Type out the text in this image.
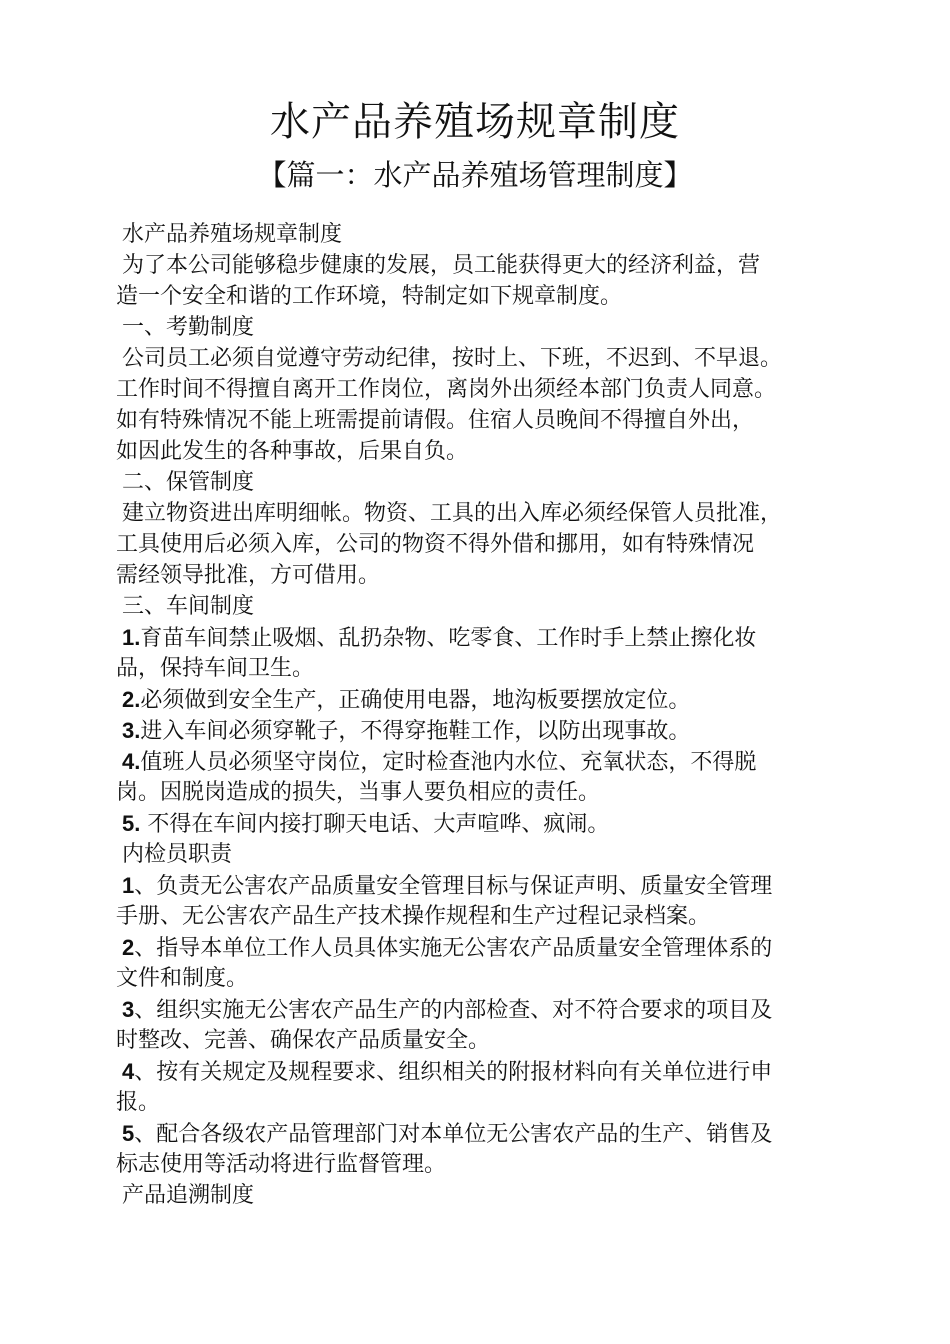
水产品养殖场规章制度
【篇一：水产品养殖场管理制度】
水产品养殖场规章制度
为了本公司能够稳步健康的发展，员工能获得更大的经济利益，营
造一个安全和谐的工作环境，特制定如下规章制度。
一、考勤制度
公司员工必须自觉遵守劳动纪律，按时上、下班，不迟到、不早退。
工作时间不得擅自离开工作岗位，离岗外出须经本部门负责人同意。
如有特殊情况不能上班需提前请假。住宿人员晚间不得擅自外出，
如因此发生的各种事故，后果自负。
二、保管制度
建立物资进出库明细帐。物资、工具的出入库必须经保管人员批准，
工具使用后必须入库，公司的物资不得外借和挪用，如有特殊情况
需经领导批准，方可借用。
三、车间制度
1.育苗车间禁止吸烟、乱扔杂物、吃零食、工作时手上禁止擦化妆
品，保持车间卫生。
2.必须做到安全生产，正确使用电器，地沟板要摆放定位。
3.进入车间必须穿靴子，不得穿拖鞋工作，以防出现事故。
4.值班人员必须坚守岗位，定时检查池内水位、充氧状态，不得脱
岗。因脱岗造成的损失，当事人要负相应的责任。
5. 不得在车间内接打聊天电话、大声喧哗、疯闹。
内检员职责
1、负责无公害农产品质量安全管理目标与保证声明、质量安全管理
手册、无公害农产品生产技术操作规程和生产过程记录档案。
2、指导本单位工作人员具体实施无公害农产品质量安全管理体系的
文件和制度。
3、组织实施无公害农产品生产的内部检查、对不符合要求的项目及
时整改、完善、确保农产品质量安全。
4、按有关规定及规程要求、组织相关的附报材料向有关单位进行申
报。
5、配合各级农产品管理部门对本单位无公害农产品的生产、销售及
标志使用等活动将进行监督管理。
产品追溯制度
